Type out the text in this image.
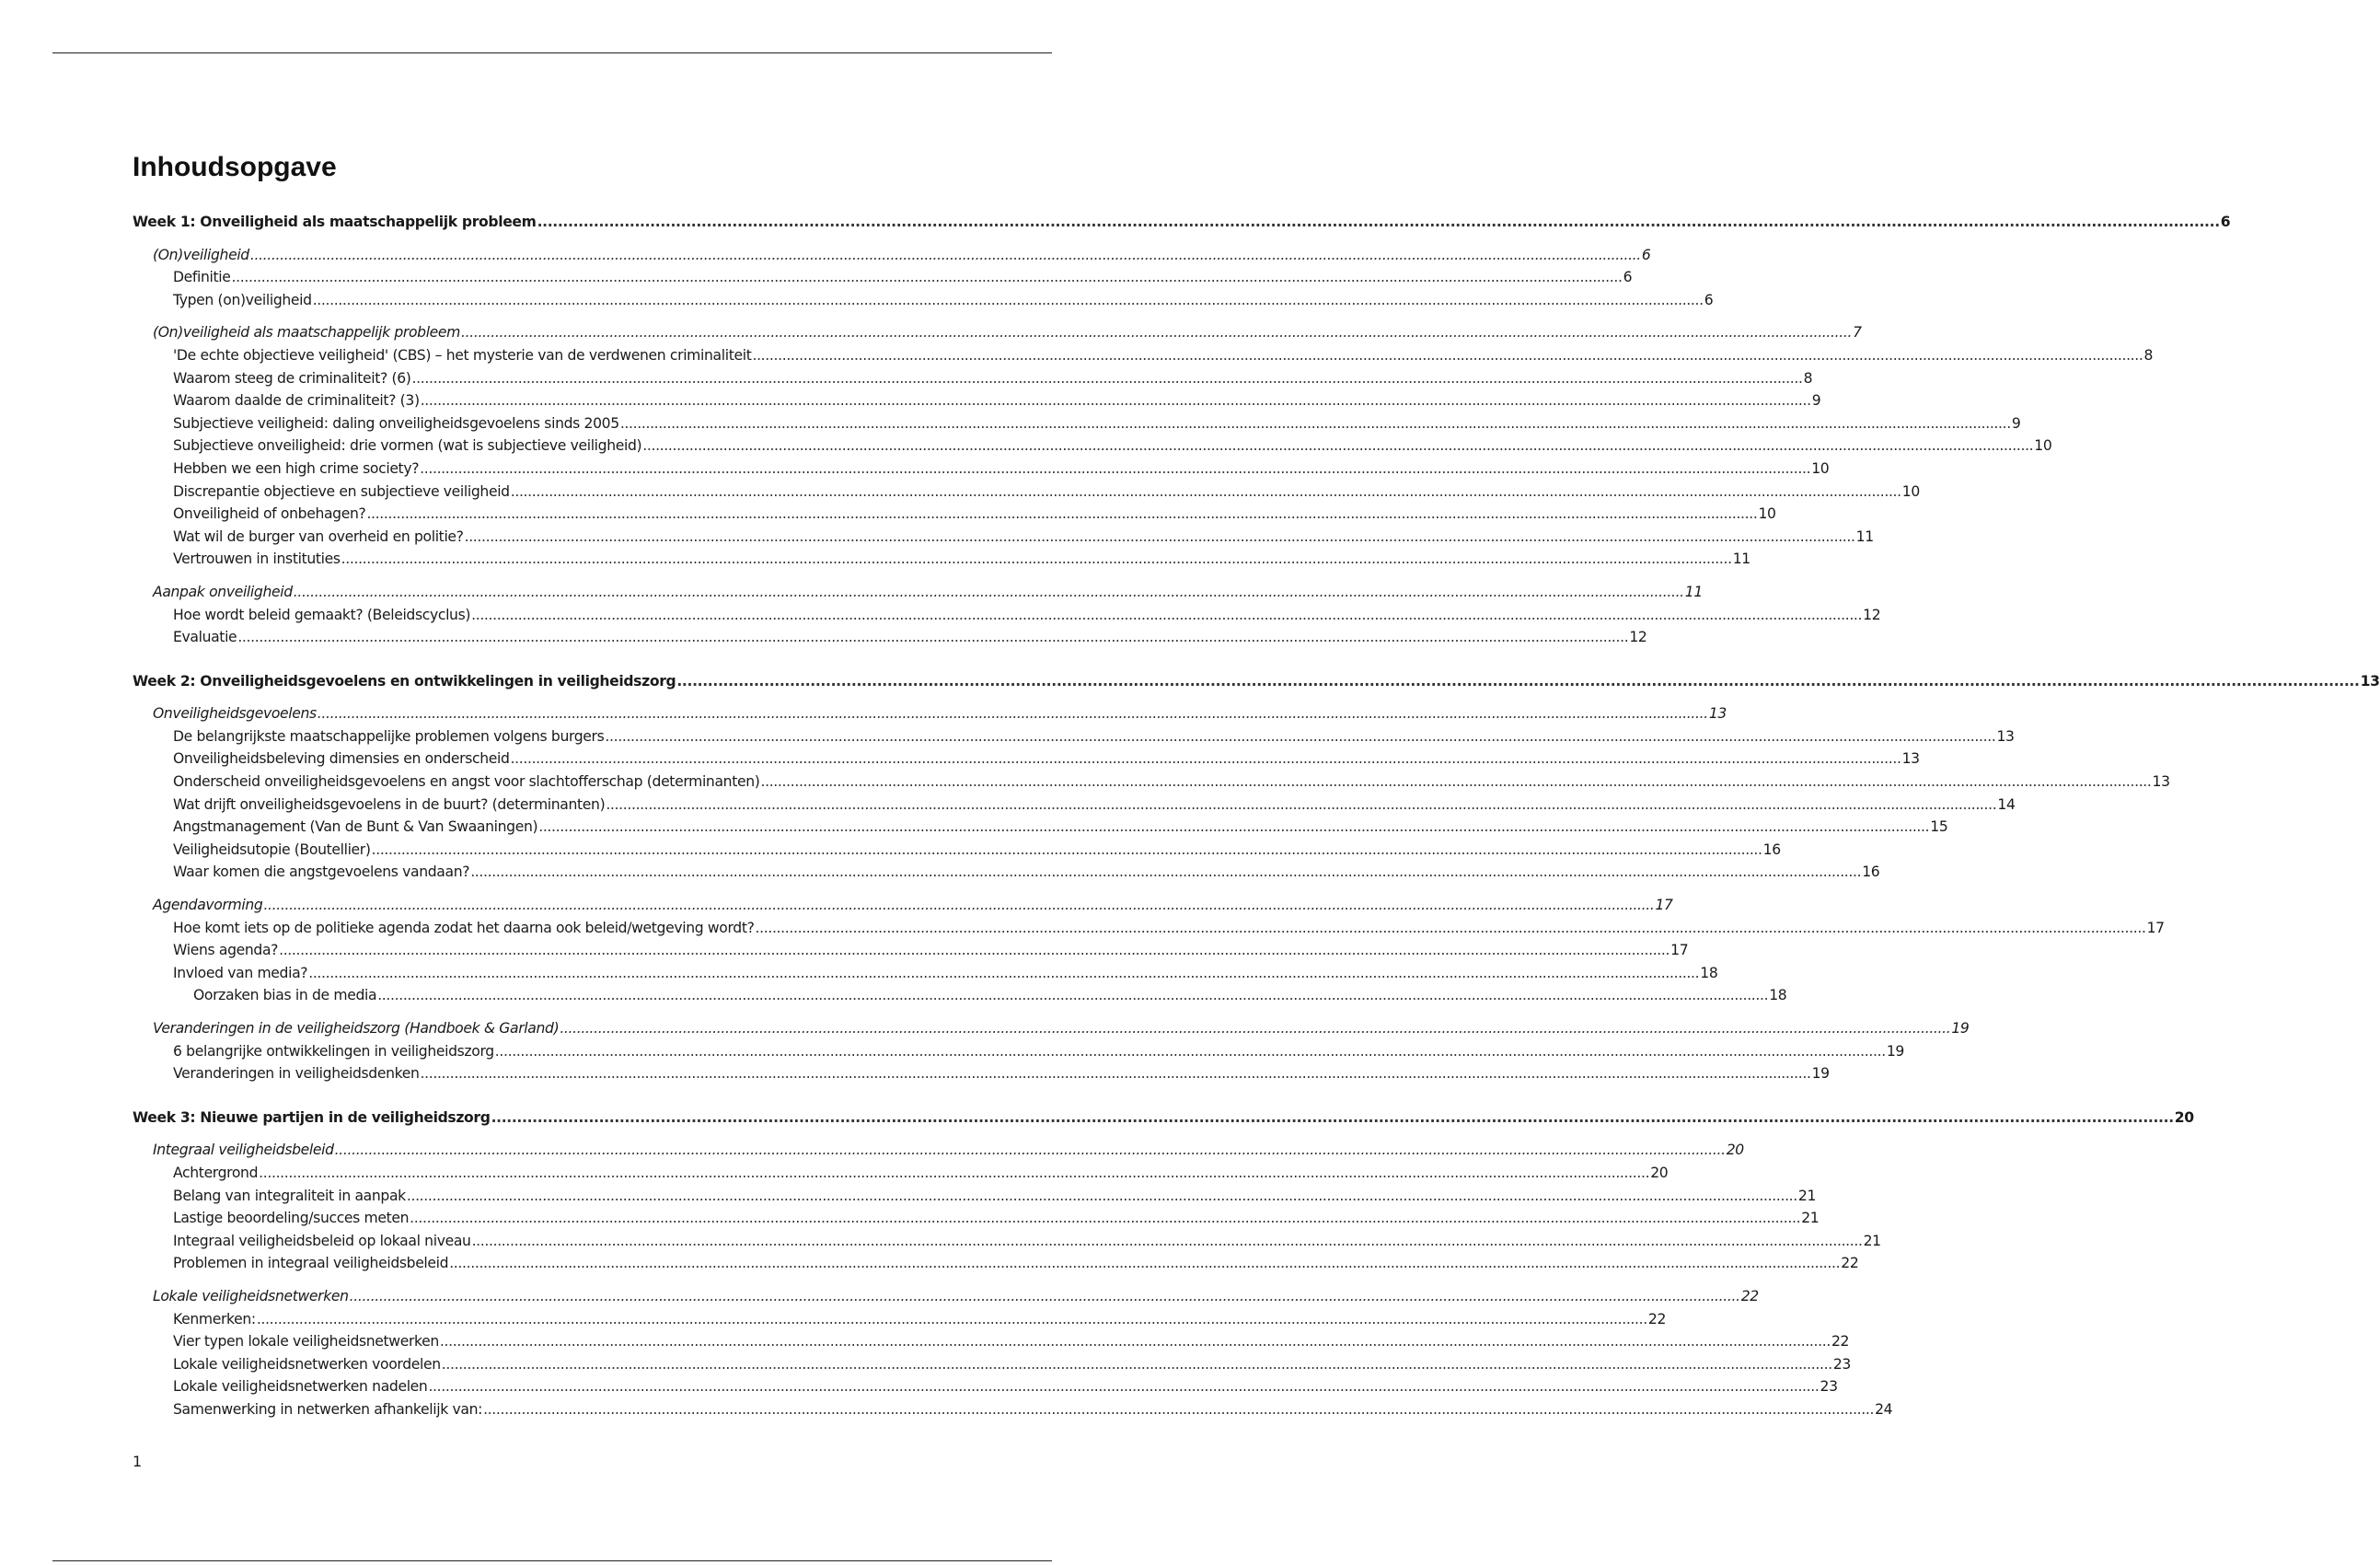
Inhoudsopgave
Week 1: Onveiligheid als maatschappelijk probleem .....	6
(On)veiligheid .....	6
Definitie .....	6
Typen (on)veiligheid .....	6
(On)veiligheid als maatschappelijk probleem .....	7
'De echte objectieve veiligheid' (CBS) – het mysterie van de verdwenen criminaliteit .....	8
Waarom steeg de criminaliteit? (6) .....	8
Waarom daalde de criminaliteit? (3) .....	9
Subjectieve veiligheid: daling onveiligheidsgevoelens sinds 2005 .....	9
Subjectieve onveiligheid: drie vormen (wat is subjectieve veiligheid) .....	10
Hebben we een high crime society? .....	10
Discrepantie objectieve en subjectieve veiligheid .....	10
Onveiligheid of onbehagen? .....	10
Wat wil de burger van overheid en politie? .....	11
Vertrouwen in instituties .....	11
Aanpak onveiligheid .....	11
Hoe wordt beleid gemaakt? (Beleidscyclus) .....	12
Evaluatie .....	12
Week 2: Onveiligheidsgevoelens en ontwikkelingen in veiligheidszorg .....	13
Onveiligheidsgevoelens .....	13
De belangrijkste maatschappelijke problemen volgens burgers .....	13
Onveiligheidsbeleving dimensies en onderscheid .....	13
Onderscheid onveiligheidsgevoelens en angst voor slachtofferschap (determinanten) .....	13
Wat drijft onveiligheidsgevoelens in de buurt? (determinanten) .....	14
Angstmanagement (Van de Bunt & Van Swaaningen) .....	15
Veiligheidsutopie (Boutellier) .....	16
Waar komen die angstgevoelens vandaan? .....	16
Agendavorming .....	17
Hoe komt iets op de politieke agenda zodat het daarna ook beleid/wetgeving wordt? .....	17
Wiens agenda? .....	17
Invloed van media? .....	18
Oorzaken bias in de media .....	18
Veranderingen in de veiligheidszorg (Handboek & Garland) .....	19
6 belangrijke ontwikkelingen in veiligheidszorg .....	19
Veranderingen in veiligheidsdenken .....	19
Week 3: Nieuwe partijen in de veiligheidszorg .....	20
Integraal veiligheidsbeleid .....	20
Achtergrond .....	20
Belang van integraliteit in aanpak .....	21
Lastige beoordeling/succes meten .....	21
Integraal veiligheidsbeleid op lokaal niveau .....	21
Problemen in integraal veiligheidsbeleid .....	22
Lokale veiligheidsnetwerken .....	22
Kenmerken: .....	22
Vier typen lokale veiligheidsnetwerken .....	22
Lokale veiligheidsnetwerken voordelen .....	23
Lokale veiligheidsnetwerken nadelen .....	23
Samenwerking in netwerken afhankelijk van: .....	24
1
